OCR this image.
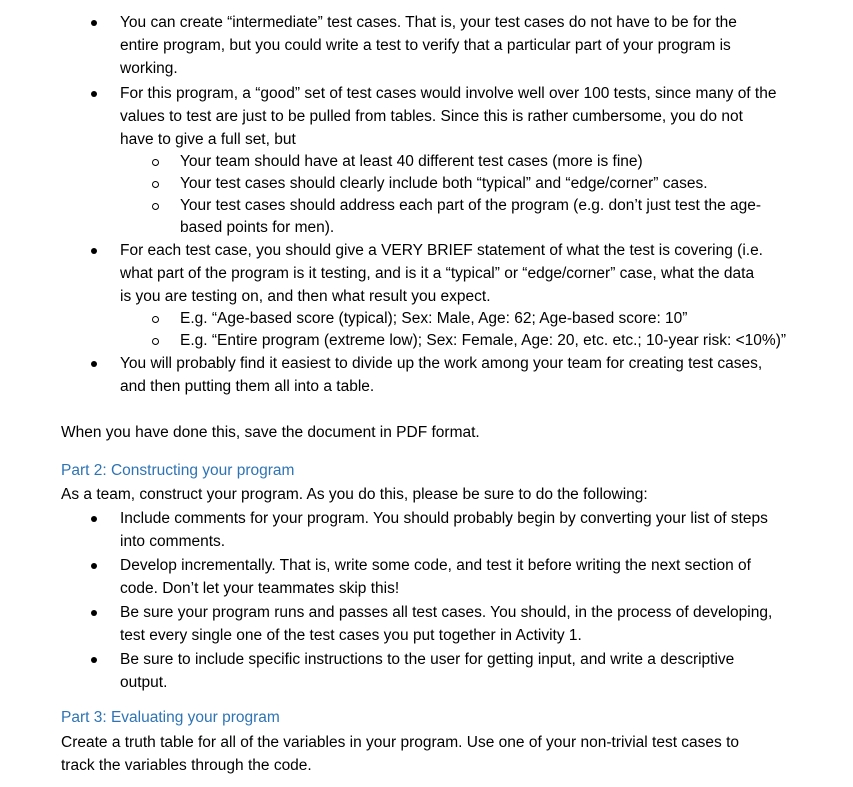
You can create “intermediate” test cases. That is, your test cases do not have to be for the
entire program, but you could write a test to verify that a particular part of your program is
working.
For this program, a “good” set of test cases would involve well over 100 tests, since many of the
values to test are just to be pulled from tables. Since this is rather cumbersome, you do not
have to give a full set, but
Your team should have at least 40 different test cases (more is fine)
Your test cases should clearly include both “typical” and “edge/corner” cases.
Your test cases should address each part of the program (e.g. don’t just test the age-
based points for men).
For each test case, you should give a VERY BRIEF statement of what the test is covering (i.e.
what part of the program is it testing, and is it a “typical” or “edge/corner” case, what the data
is you are testing on, and then what result you expect.
E.g. “Age-based score (typical); Sex: Male, Age: 62; Age-based score: 10”
E.g. “Entire program (extreme low); Sex: Female, Age: 20, etc. etc.; 10-year risk: <10%)”
You will probably find it easiest to divide up the work among your team for creating test cases,
and then putting them all into a table.
When you have done this, save the document in PDF format.
Part 2: Constructing your program
As a team, construct your program. As you do this, please be sure to do the following:
Include comments for your program. You should probably begin by converting your list of steps
into comments.
Develop incrementally. That is, write some code, and test it before writing the next section of
code. Don’t let your teammates skip this!
Be sure your program runs and passes all test cases. You should, in the process of developing,
test every single one of the test cases you put together in Activity 1.
Be sure to include specific instructions to the user for getting input, and write a descriptive
output.
Part 3: Evaluating your program
Create a truth table for all of the variables in your program. Use one of your non-trivial test cases to
track the variables through the code.
